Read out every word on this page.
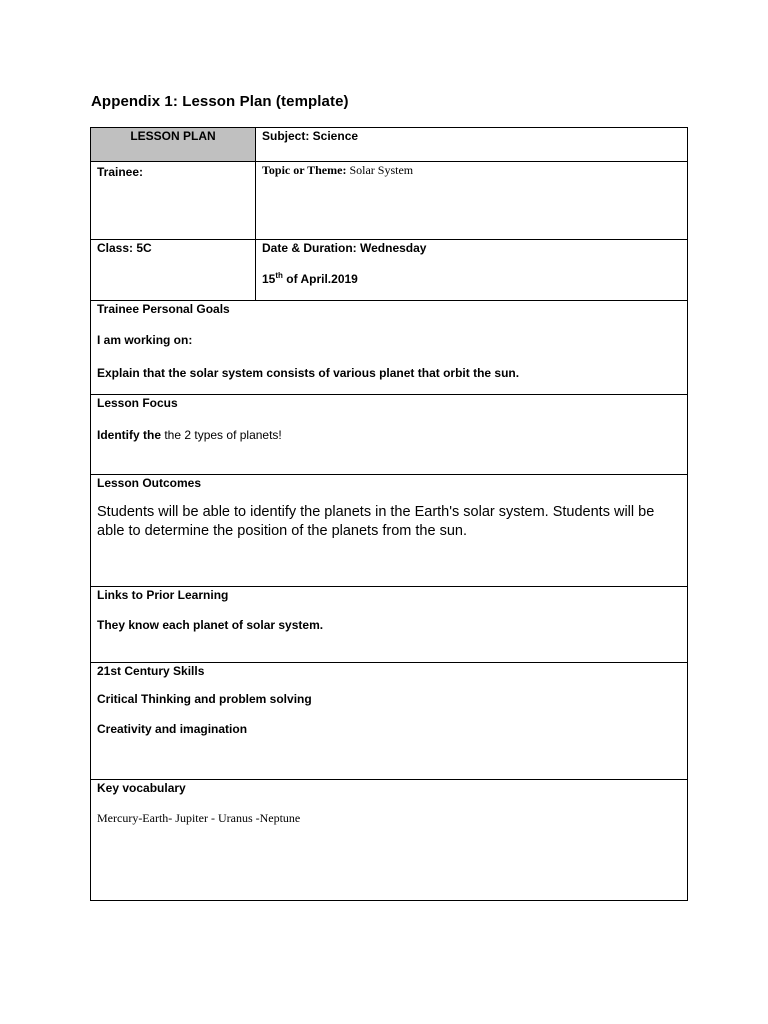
Appendix 1: Lesson Plan (template)
LESSON PLAN	Subject: Science
Trainee:	Topic or Theme: Solar System
Class: 5C	Date & Duration: Wednesday
15th of April.2019
Trainee Personal Goals
I am working on:
Explain that the solar system consists of various planet that orbit the sun.	
Lesson Focus
Identify the the 2 types of planets!	
Lesson Outcomes
Students will be able to identify the planets in the Earth's solar system. Students will be able to determine the position of the planets from the sun.	
Links to Prior Learning
They know each planet of solar system.	
21st Century Skills
Critical Thinking and problem solving
Creativity and imagination	
Key vocabulary
Mercury-Earth- Jupiter - Uranus -Neptune	
